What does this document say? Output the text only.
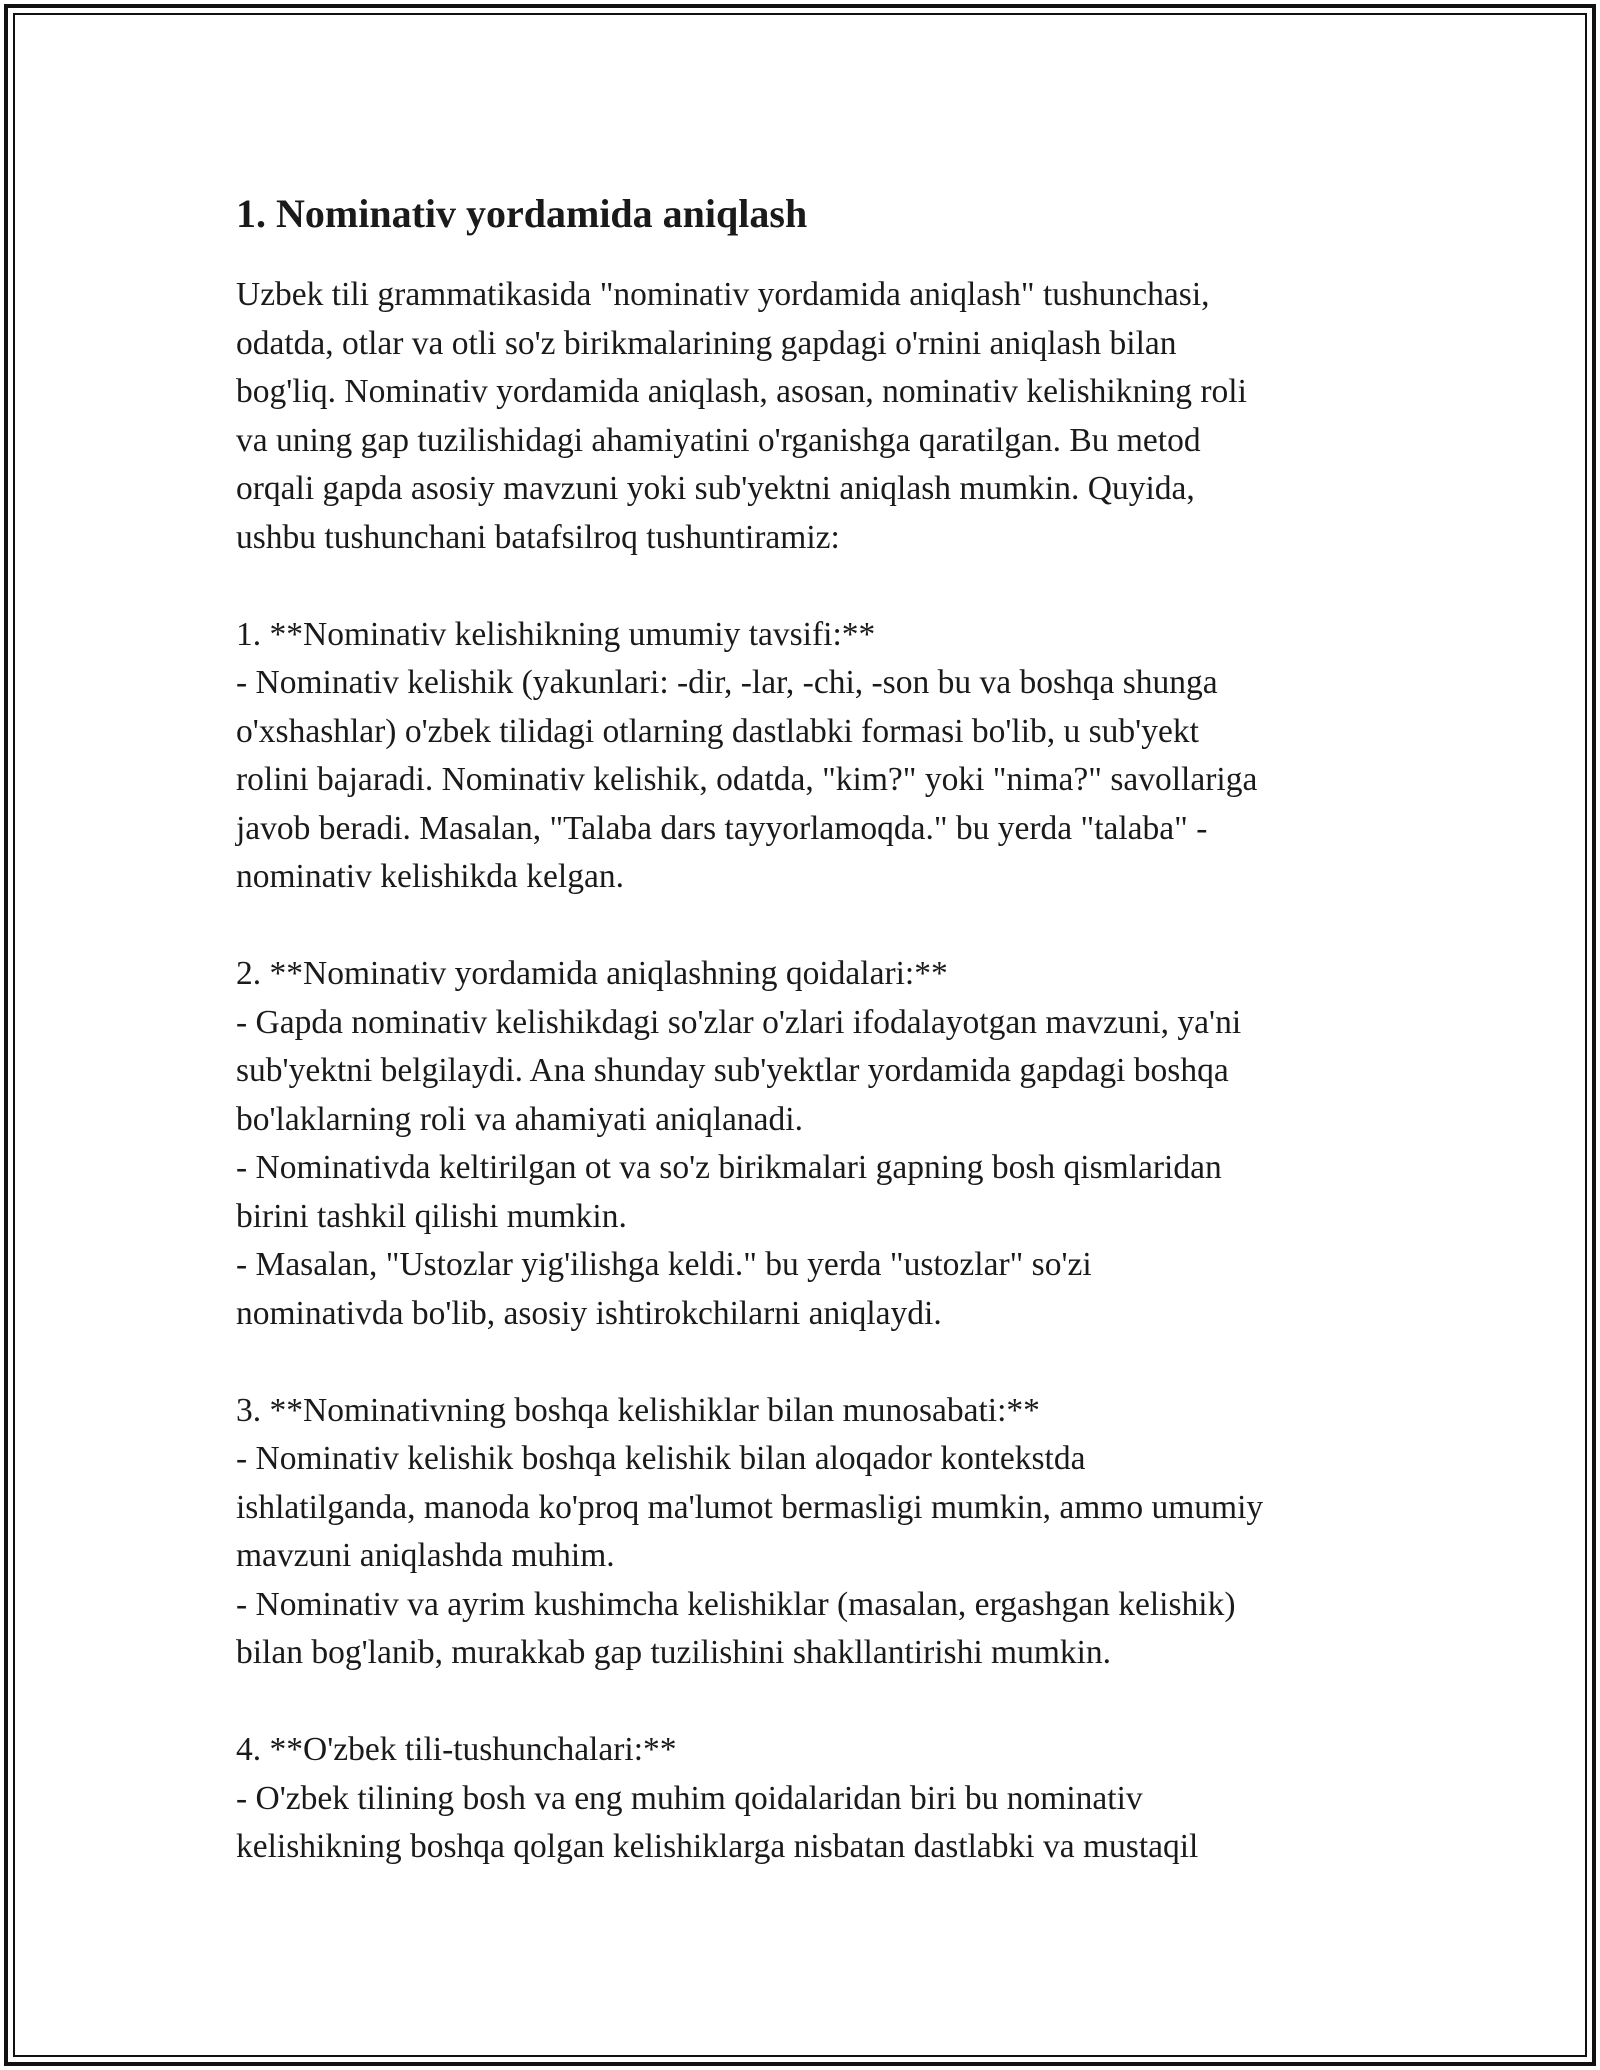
1. Nominativ yordamida aniqlash

Uzbek tili grammatikasida "nominativ yordamida aniqlash" tushunchasi,
odatda, otlar va otli so'z birikmalarining gapdagi o'rnini aniqlash bilan
bog'liq. Nominativ yordamida aniqlash, asosan, nominativ kelishikning roli
va uning gap tuzilishidagi ahamiyatini o'rganishga qaratilgan. Bu metod
orqali gapda asosiy mavzuni yoki sub'yektni aniqlash mumkin. Quyida,
ushbu tushunchani batafsilroq tushuntiramiz:

1. **Nominativ kelishikning umumiy tavsifi:**

- Nominativ kelishik (yakunlari: -dir, -lar, -chi, -son bu va boshqa shunga
o'xshashlar) o'zbek tilidagi otlarning dastlabki formasi bo'lib, u sub'yekt
rolini bajaradi. Nominativ kelishik, odatda, "kim?" yoki "nima?" savollariga
javob beradi. Masalan, "Talaba dars tayyorlamoqda." bu yerda "talaba" -
nominativ kelishikda kelgan.

2. **Nominativ yordamida aniqlashning qoidalari:**

- Gapda nominativ kelishikdagi so'zlar o'zlari ifodalayotgan mavzuni, ya'ni
sub'yektni belgilaydi. Ana shunday sub'yektlar yordamida gapdagi boshqa
bo'laklarning roli va ahamiyati aniqlanadi.
- Nominativda keltirilgan ot va so'z birikmalari gapning bosh qismlaridan
birini tashkil qilishi mumkin.
- Masalan, "Ustozlar yig'ilishga keldi." bu yerda "ustozlar" so'zi
nominativda bo'lib, asosiy ishtirokchilarni aniqlaydi.

3. **Nominativning boshqa kelishiklar bilan munosabati:**

- Nominativ kelishik boshqa kelishik bilan aloqador kontekstda
ishlatilganda, manoda ko'proq ma'lumot bermasligi mumkin, ammo umumiy
mavzuni aniqlashda muhim.
- Nominativ va ayrim kushimcha kelishiklar (masalan, ergashgan kelishik)
bilan bog'lanib, murakkab gap tuzilishini shakllantirishi mumkin.

4. **O'zbek tili-tushunchalari:**

- O'zbek tilining bosh va eng muhim qoidalaridan biri bu nominativ
kelishikning boshqa qolgan kelishiklarga nisbatan dastlabki va mustaqil
